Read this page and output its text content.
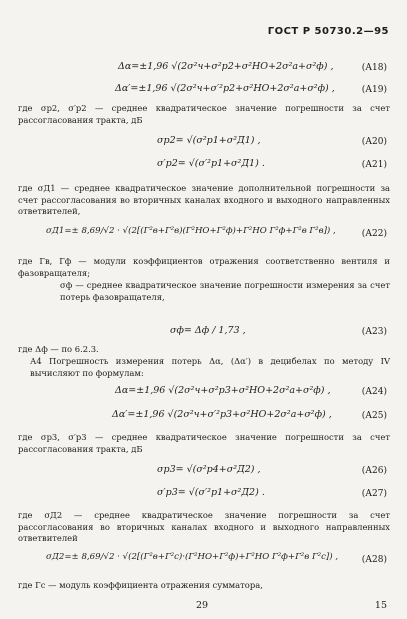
ГОСТ Р 50730.2—95
Δα=±1,96 √(2σ²ч+σ²р2+σ²НО+2σ²а+σ²ф) ,	(А18)
Δα′=±1,96 √(2σ²ч+σ′²р2+σ²НО+2σ²а+σ²ф) ,	(А19)
где σр2, σ′р2 — среднее квадратическое значение погрешности за счет рассогласования тракта, дБ
σр2= √(σ²р1+σ²Д1) ,	(А20)
σ′р2= √(σ′²р1+σ²Д1) .	(А21)
где σД1 — среднее квадратическое значение дополнительной погрешности за счет рассогласования во вторичных каналах входного и выходного направленных ответвителей,
σД1=± 8,69/√2 · √(2[(Г²в+Г²в)(Г²НО+Г²ф)+Г²НО Г²ф+Г²в Г²в]) ,	(А22)
где Гв, Гф — модули коэффициентов отражения соответственно вентиля и фазовращателя;
σф — среднее квадратическое значение погрешности измерения за счет потерь фазовращателя,
σф= Δф / 1,73 ,	(А23)
где Δф — по 6.2.3.
А4 Погрешность измерения потерь Δα, (Δα′) в децибелах по методу IV вычисляют по формулам:
Δα=±1,96 √(2σ²ч+σ²р3+σ²НО+2σ²а+σ²ф) ,	(А24)
Δα′=±1,96 √(2σ²ч+σ′²р3+σ²НО+2σ²а+σ²ф) ,	(А25)
где σр3, σ′р3 — среднее квадратическое значение погрешности за счет рассогласования тракта, дБ
σр3= √(σ²р4+σ²Д2) ,	(А26)
σ′р3= √(σ′²р1+σ²Д2) .	(А27)
где σД2 — среднее квадратическое значение погрешности за счет рассогласования во вторичных каналах входного и выходного направленных ответвителей
σД2=± 8,69/√2 · √(2[(Г²в+Г²с)·(Г²НО+Г²ф)+Г²НО Г²ф+Г²в Г²с]) ,	(А28)
где Гс — модуль коэффициента отражения сумматора,
29	15
